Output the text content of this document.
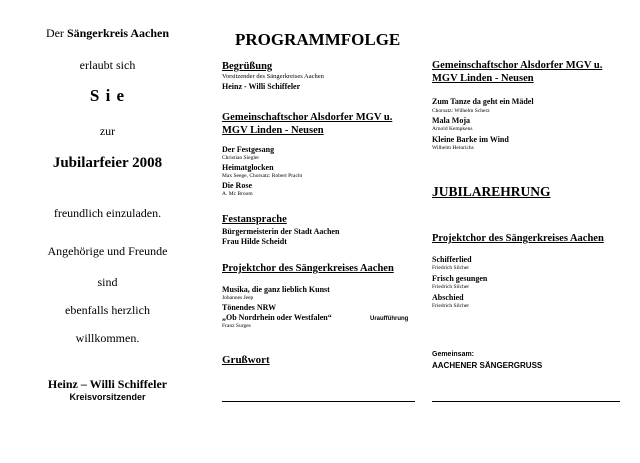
Der Sängerkreis Aachen
erlaubt sich
S i e
zur
Jubilarfeier 2008
freundlich einzuladen.
Angehörige und Freunde
sind
ebenfalls herzlich
willkommen.
Heinz – Willi Schiffeler
Kreisvorsitzender
PROGRAMMFOLGE
Begrüßung
Vorsitzender des Sängerkreises Aachen
Heinz - Willi Schiffeler
Gemeinschaftschor Alsdorfer MGV u.
MGV Linden - Neusen
Der Festgesang
Christian Siegler
Heimatglocken
Max Seege, Chorsatz: Robert Pracht
Die Rose
A. Mc Broom
Festansprache
Bürgermeisterin der Stadt Aachen
Frau Hilde Scheidt
Projektchor des Sängerkreises Aachen
Musika, die ganz lieblich Kunst
Johannes Jeep
Tönendes NRW
„Ob Nordrhein oder Westfalen“	Uraufführung
Franz Surges
Grußwort
Gemeinschaftschor Alsdorfer MGV u.
MGV Linden - Neusen
Zum Tanze da geht ein Mädel
Chorsatz: Wilhelm Scherz
Mala Moja
Arnold Kempkens
Kleine Barke im Wind
Wilhelm Heinrichs
JUBILAREHRUNG
Projektchor des Sängerkreises Aachen
Schifferlied
Friedrich Silcher
Frisch gesungen
Friedrich Silcher
Abschied
Friedrich Silcher
Gemeinsam:
AACHENER SÄNGERGRUSS
